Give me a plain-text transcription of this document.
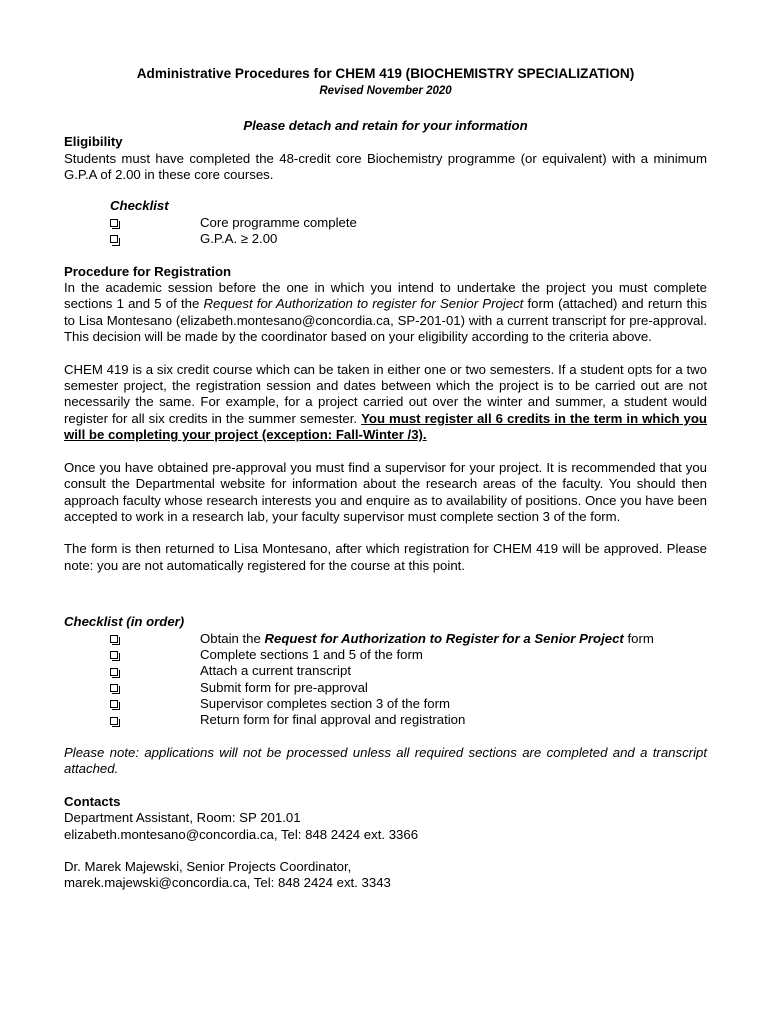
Administrative Procedures for CHEM 419 (BIOCHEMISTRY SPECIALIZATION)

Revised November 2020

Please detach and retain for your information

Eligibility

Students must have completed the 48-credit core Biochemistry programme (or equivalent) with a minimum G.P.A of 2.00 in these core courses.

Checklist
Core programme complete
G.P.A. ≥ 2.00
Procedure for Registration

In the academic session before the one in which you intend to undertake the project you must complete sections 1 and 5 of the Request for Authorization to register for Senior Project form (attached) and return this to Lisa Montesano (elizabeth.montesano@concordia.ca, SP-201-01) with a current transcript for pre-approval. This decision will be made by the coordinator based on your eligibility according to the criteria above.

CHEM 419 is a six credit course which can be taken in either one or two semesters. If a student opts for a two semester project, the registration session and dates between which the project is to be carried out are not necessarily the same. For example, for a project carried out over the winter and summer, a student would register for all six credits in the summer semester. You must register all 6 credits in the term in which you will be completing your project (exception: Fall-Winter /3).

Once you have obtained pre-approval you must find a supervisor for your project. It is recommended that you consult the Departmental website for information about the research areas of the faculty. You should then approach faculty whose research interests you and enquire as to availability of positions. Once you have been accepted to work in a research lab, your faculty supervisor must complete section 3 of the form.

The form is then returned to Lisa Montesano, after which registration for CHEM 419 will be approved. Please note: you are not automatically registered for the course at this point.

Checklist (in order)
Obtain the Request for Authorization to Register for a Senior Project form
Complete sections 1 and 5 of the form
Attach a current transcript
Submit form for pre-approval
Supervisor completes section 3 of the form
Return form for final approval and registration

Please note: applications will not be processed unless all required sections are completed and a transcript attached.

Contacts

Department Assistant, Room: SP 201.01

elizabeth.montesano@concordia.ca, Tel: 848 2424 ext. 3366

Dr. Marek Majewski, Senior Projects Coordinator,

marek.majewski@concordia.ca, Tel: 848 2424 ext. 3343
